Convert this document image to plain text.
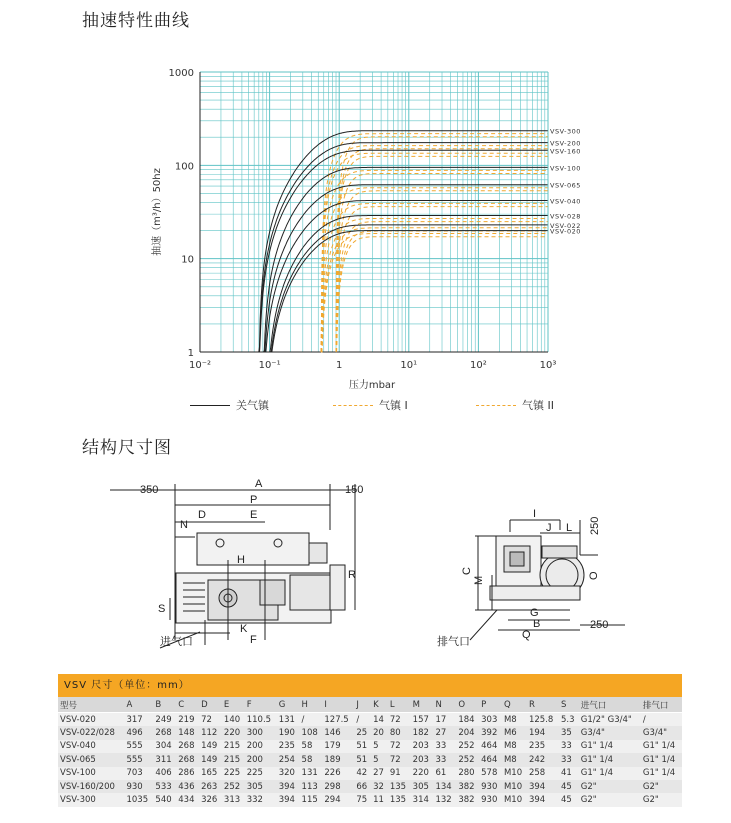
抽速特性曲线
结构尺寸图
10⁻²	10⁻¹	1	10¹	10²	10³
1
10
100
1000
压力mbar
抽速（m³/h）50hz
VSV-300
VSV-200
VSV-160
VSV-100
VSV-065
VSV-040
VSV-028
VSV-022
VSV-020
关气镇	气镇 I	气镇 II
350	A	150
P
D	E
N
H
R
S
K
F
进气口
I
J L 250
C
M
O
G
B	250
Q
排气口
VSV 尺寸（单位：mm）
型号	A	B	C	D	E	F	G	H	I	J	K	L	M	N	O	P	Q	R	S	进气口	排气口
VSV-020	317	249	219	72	140	110.5	131	/	127.5	/	14	72	157	17	184	303	M8	125.8	5.3	G1/2" G3/4"	/
VSV-022/028	496	268	148	112	220	300	190	108	146	25	20	80	182	27	204	392	M6	194	35	G3/4"	G3/4"
VSV-040	555	304	268	149	215	200	235	58	179	51	5	72	203	33	252	464	M8	235	33	G1" 1/4	G1" 1/4
VSV-065	555	311	268	149	215	200	254	58	189	51	5	72	203	33	252	464	M8	242	33	G1" 1/4	G1" 1/4
VSV-100	703	406	286	165	225	225	320	131	226	42	27	91	220	61	280	578	M10	258	41	G1" 1/4	G1" 1/4
VSV-160/200	930	533	436	263	252	305	394	113	298	66	32	135	305	134	382	930	M10	394	45	G2"	G2"
VSV-300	1035	540	434	326	313	332	394	115	294	75	11	135	314	132	382	930	M10	394	45	G2"	G2"
